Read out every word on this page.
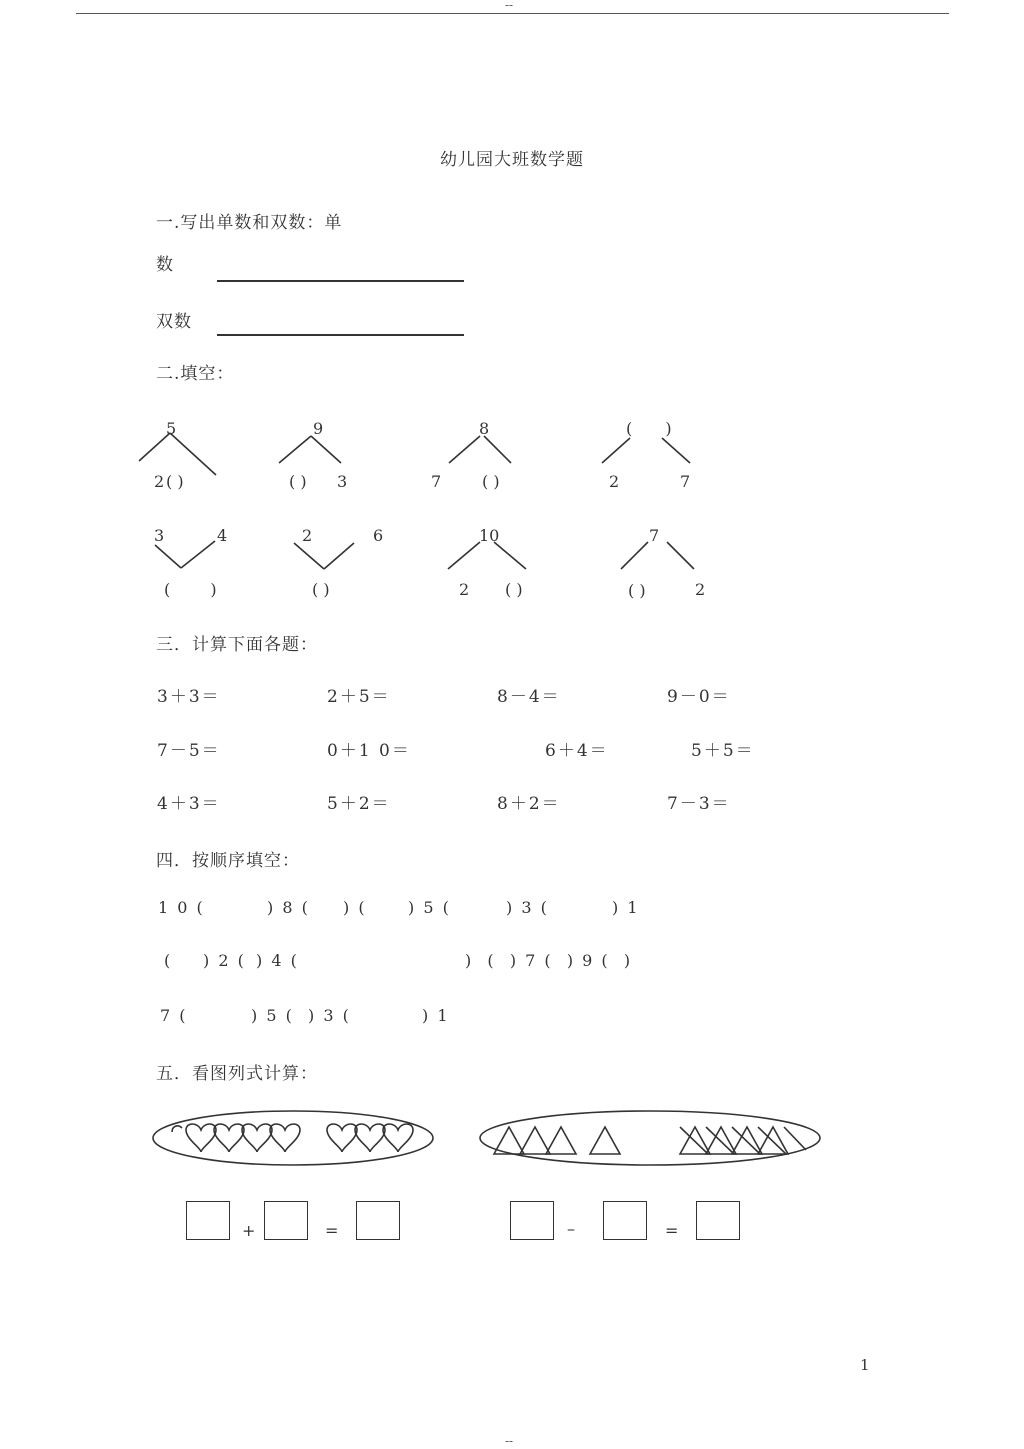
--
幼儿园大班数学题
一.写出单数和双数：单
数
双数
二.填空：
5
2 ( )
9
( ) 3
8
7	( )
( )
2	7
3	4
(  )
2	6
( )
10
2 ( )
7
( )	2
三．计算下面各题：
3＋3＝	2＋5＝	8－4＝	9－0＝
7－5＝	0＋1 0＝	6＋4＝	5＋5＝
4＋3＝	5＋2＝	8＋2＝	7－3＝
四．按顺序填空：
1 0 (	) 8 ( ) (	) 5 (	) 3 (	) 1
( ) 2 ( ) 4 (	)  (  ) 7 (  ) 9 (  )
7 (	) 5 (  ) 3 (	) 1
五．看图列式计算：
+	=	–	=
1
--
